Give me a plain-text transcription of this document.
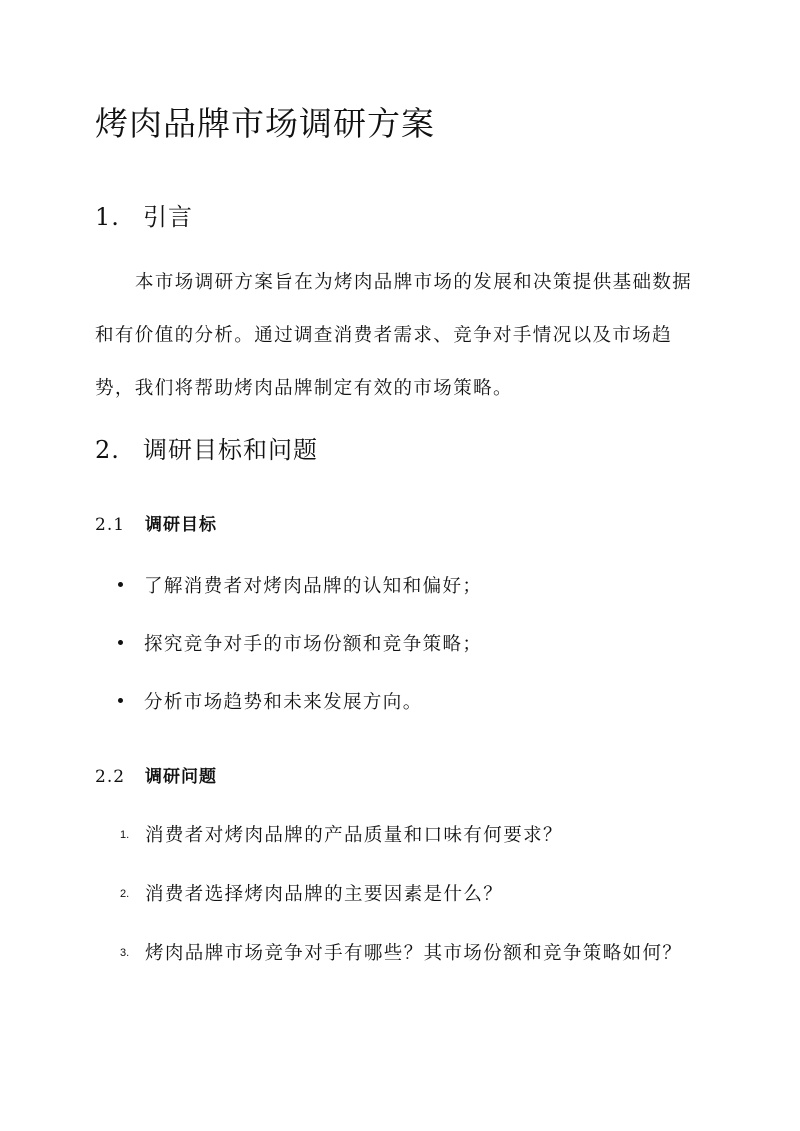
烤肉品牌市场调研方案
1. 引言

本市场调研方案旨在为烤肉品牌市场的发展和决策提供基础数据和有价值的分析。通过调查消费者需求、竞争对手情况以及市场趋势，我们将帮助烤肉品牌制定有效的市场策略。

2. 调研目标和问题
2.1 调研目标
了解消费者对烤肉品牌的认知和偏好；
探究竞争对手的市场份额和竞争策略；
分析市场趋势和未来发展方向。
2.2 调研问题
1. 消费者对烤肉品牌的产品质量和口味有何要求？
2. 消费者选择烤肉品牌的主要因素是什么？
3. 烤肉品牌市场竞争对手有哪些？其市场份额和竞争策略如何？
